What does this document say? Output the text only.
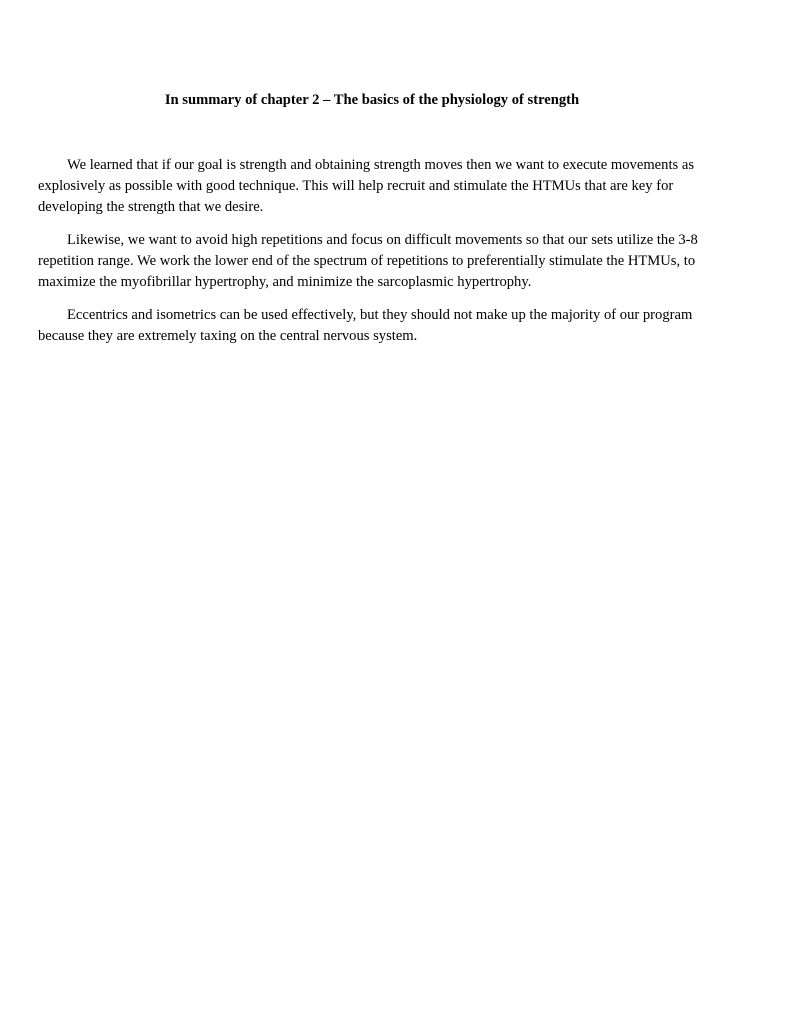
In summary of chapter 2 – The basics of the physiology of strength

We learned that if our goal is strength and obtaining strength moves then we want to execute movements as explosively as possible with good technique. This will help recruit and stimulate the HTMUs that are key for developing the strength that we desire.

Likewise, we want to avoid high repetitions and focus on difficult movements so that our sets utilize the 3-8 repetition range. We work the lower end of the spectrum of repetitions to preferentially stimulate the HTMUs, to maximize the myofibrillar hypertrophy, and minimize the sarcoplasmic hypertrophy.

Eccentrics and isometrics can be used effectively, but they should not make up the majority of our program because they are extremely taxing on the central nervous system.
